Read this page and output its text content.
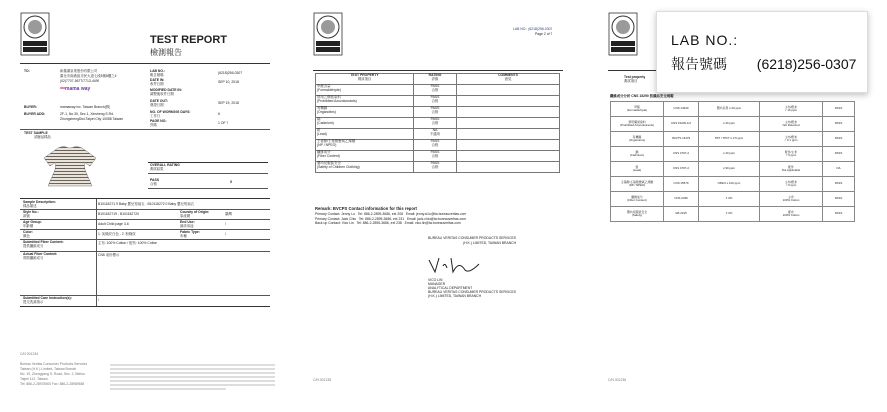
TEST REPORT
檢測報告
TO:	新鑫鴻皇業股份有限公司
臺北市南港區市民大道七段8號8樓之4
(02)7707-5677/7713-4499
∞mama way
BUYER:	mamaway inc. Taiwan Branch(株)
BUYER ADD:	2F-1, No.30, Sec.1, Xinsheng S.Rd.
ZhongzhengDist.Taipei City 10058 Taiwan
LAB NO.:
報告號碼	(6218)256-0307
DATE IN:
收件日期	SEP 10, 2018
MODIFIED DATE IN:
調整後收件日期
DATE OUT:
發證日期	SEP 19, 2018
NO. OF WORKING DAYS:
工作日	6
PAGE NO.:
頁碼	1 OF 7
TEST SAMPLE
試驗品樣品
OVERALL RATING
測試結果
PASS
合格	X
Sample Description:
樣品描述	B10118271 9 Baby 嬰兒短袖衣 - B10118272 0 Baby 嬰兒短袖衣
Style No.:
款號	B101182719 - B101182720	Country of Origin:
原產國	臺灣
Age Group:
年齡層	Adult Child page 3-6	End Use:
最終用途	/
Color:
顏色	1. 灰條紋白色 - 2. 粉條紋	Fabric Type:
布種	/
Submitted Fiber Content:
提供纖維成分
主布: 100% Cotton / 配布: 100% Cotton
Actual Fiber Content:
實際纖維成分
CN5 成份標示
Submitted Care Instruction(s):
提交洗滌指示	/
C/N 001234
Bureau Veritas Consumer Products Services
Taiwan (H.K.) Limited, Taiwan Branch
No. 19, Zhongyang S. Road, Sec. 2, Beitou
Taipei 112, Taiwan
Tel: 886-2-28978500 Fax: 886-2-28989888
LAB NO.: (6218)256-0307
Page 2 of 7
TEST PROPERTY
測試項目	RATING
評級	COMMENTS
意見
甲醛含量
(Formaldehyde)	PASS
合格	
禁用之偶氮染料
(Prohibited Azocolourants)	PASS
合格	
有機錫
(Organotins)	PASS
合格	
鎘
(Cadmium)	PASS
合格	
鉛
(Lead)	NA
不適用	
壬基酚/壬基酚聚氧乙烯醚
(NP / NPEO)	PASS
合格	
纖維成分
(Fiber Content)	PASS
合格	
嬰幼兒服裝安全
(Safety of Children Clothing)	PASS
合格	
Remark: BVCPS Contact information for this report
Primary Contact: Jenny Lu Tel: 886-2-2895-3686, ext 208 Email: jenny.sl.lu@tw.bureauveritas.com
Primary Contact: Jack Chiu Tel: 886-2-2895-3686, ext 231 Email: jack.chiu@tw.bureauveritas.com
Back up Contact: Vico Lin Tel: 886-2-2895-3686, ext 238 Email: vico.lin@tw.bureauveritas.com
BUREAU VERITAS CONSUMER PRODUCTS SERVICES
(H.K.) LIMITED, TAIWAN BRANCH
VICO LIN
MANAGER
ANALYTICAL DEPARTMENT
BUREAU VERITAS CONSUMER PRODUCTS SERVICES
(H.K.) LIMITED, TAIWAN BRANCH
C/N 001235
Test property
測試項目
纖維成分分析 CNS 15290 紡織品安全規範
甲醛
(Formaldehyde)	CNS 14940	嬰幼兒用 ≤ 20 ppm	主布/配布
< 16 ppm	PASS
禁用偶氮染料
(Prohibited Azocolourants)	CNS 15205-1/2	≤ 30 ppm	主布/配布
Not Detected	PASS
有機錫
(Organotins)	ISO/TS 16179	TBT / TPhT ≤ 0.5 ppm	主布/配布
< 0.1 ppm	PASS
鎘
(Cadmium)	CNS 4797-2	≤ 40 ppm	配件/主布
< 5 ppm	PASS
鉛
(Lead)	CNS 4797-2	≤ 90 ppm	配件
Not Applicable	NA
壬基酚/壬基酚聚氧乙烯醚
(NP / NPEO)	CNS 15579	NPEO ≤ 100 ppm	主布/配布
< 5 ppm	PASS
纖維成分
(Fiber Content)	CNS 2339	± 3%	主布
100% Cotton	PASS
嬰幼兒服裝安全
(Safety)	GB 2015	± 3%	配布
100% Cotton	PASS
C/N 001236
LAB NO.:
報告號碼 (6218)256-0307
